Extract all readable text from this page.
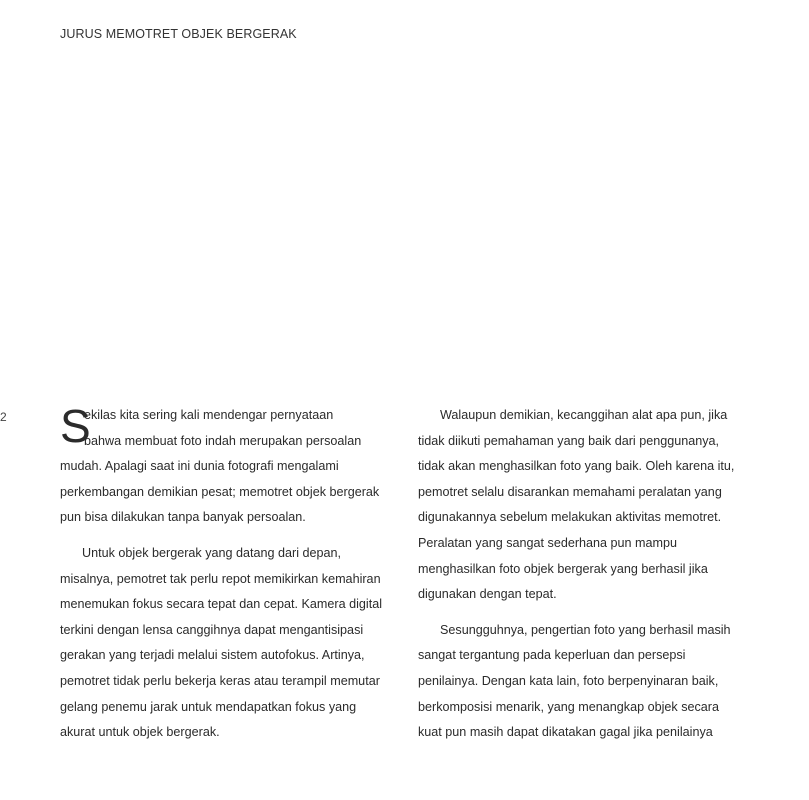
JURUS MEMOTRET OBJEK BERGERAK
2 S
ekilas kita sering kali mendengar pernyataan
bahwa membuat foto indah merupakan persoalan
mudah. Apalagi saat ini dunia fotografi mengalami
perkembangan demikian pesat; memotret objek bergerak
pun bisa dilakukan tanpa banyak persoalan.
Untuk objek bergerak yang datang dari depan,
misalnya, pemotret tak perlu repot memikirkan kemahiran
menemukan fokus secara tepat dan cepat. Kamera digital
terkini dengan lensa canggihnya dapat mengantisipasi
gerakan yang terjadi melalui sistem autofokus. Artinya,
pemotret tidak perlu bekerja keras atau terampil memutar
gelang penemu jarak untuk mendapatkan fokus yang
akurat untuk objek bergerak.
Walaupun demikian, kecanggihan alat apa pun, jika
tidak diikuti pemahaman yang baik dari penggunanya,
tidak akan menghasilkan foto yang baik. Oleh karena itu,
pemotret selalu disarankan memahami peralatan yang
digunakannya sebelum melakukan aktivitas memotret.
Peralatan yang sangat sederhana pun mampu
menghasilkan foto objek bergerak yang berhasil jika
digunakan dengan tepat.
Sesungguhnya, pengertian foto yang berhasil masih
sangat tergantung pada keperluan dan persepsi
penilainya. Dengan kata lain, foto berpenyinaran baik,
berkomposisi menarik, yang menangkap objek secara
kuat pun masih dapat dikatakan gagal jika penilainya
